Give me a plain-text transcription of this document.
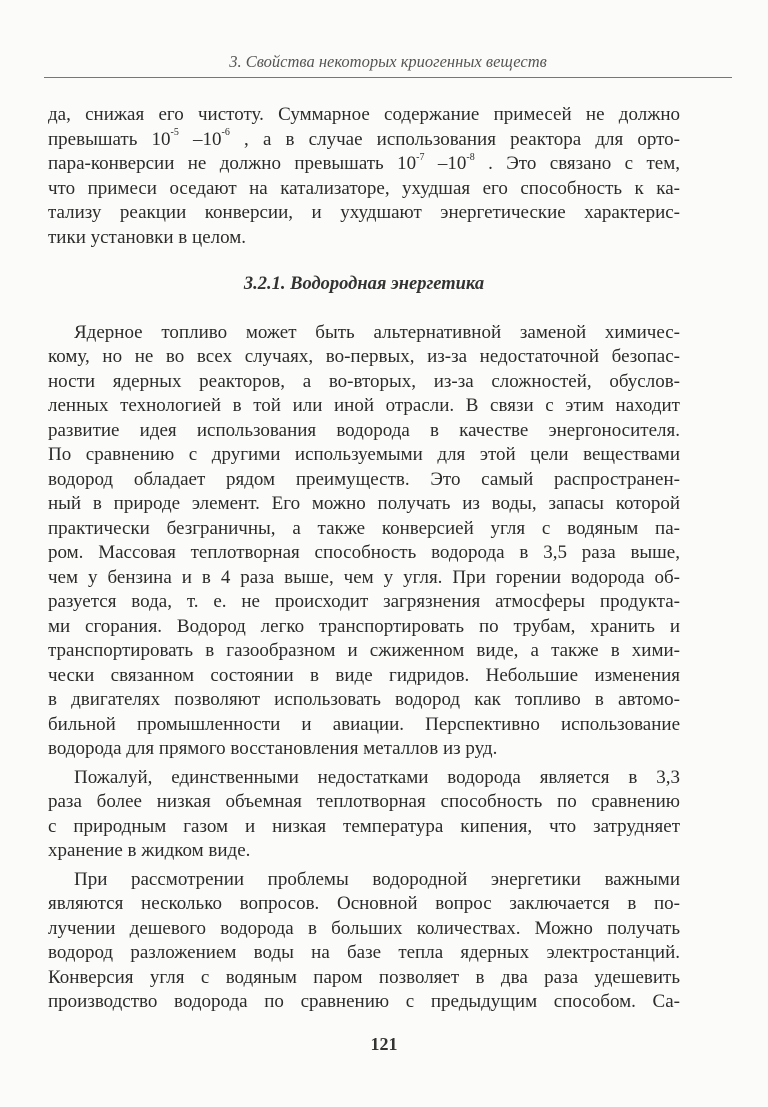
3. Свойства некоторых криогенных веществ
да, снижая его чистоту. Суммарное содержание примесей не должно
превышать $10^{-5}$ $-10^{-6}$ , а в случае использования реактора для орто-
пара-конверсии не должно превышать $10^{-7}$ $-10^{-8}$ . Это связано с тем,
что примеси оседают на катализаторе, ухудшая его способность к ка-
тализу реакции конверсии, и ухудшают энергетические характерис-
тики установки в целом.
3.2.1. Водородная энергетика
Ядерное топливо может быть альтернативной заменой химичес-
кому, но не во всех случаях, во-первых, из-за недостаточной безопас-
ности ядерных реакторов, а во-вторых, из-за сложностей, обуслов-
ленных технологией в той или иной отрасли. В связи с этим находит
развитие идея использования водорода в качестве энергоносителя.
По сравнению с другими используемыми для этой цели веществами
водород обладает рядом преимуществ. Это самый распространен-
ный в природе элемент. Его можно получать из воды, запасы которой
практически безграничны, а также конверсией угля с водяным па-
ром. Массовая теплотворная способность водорода в 3,5 раза выше,
чем у бензина и в 4 раза выше, чем у угля. При горении водорода об-
разуется вода, т. е. не происходит загрязнения атмосферы продукта-
ми сгорания. Водород легко транспортировать по трубам, хранить и
транспортировать в газообразном и сжиженном виде, а также в хими-
чески связанном состоянии в виде гидридов. Небольшие изменения
в двигателях позволяют использовать водород как топливо в автомо-
бильной промышленности и авиации. Перспективно использование
водорода для прямого восстановления металлов из руд.
Пожалуй, единственными недостатками водорода является в 3,3
раза более низкая объемная теплотворная способность по сравнению
с природным газом и низкая температура кипения, что затрудняет
хранение в жидком виде.
При рассмотрении проблемы водородной энергетики важными
являются несколько вопросов. Основной вопрос заключается в по-
лучении дешевого водорода в больших количествах. Можно получать
водород разложением воды на базе тепла ядерных электростанций.
Конверсия угля с водяным паром позволяет в два раза удешевить
производство водорода по сравнению с предыдущим способом. Са-
121
